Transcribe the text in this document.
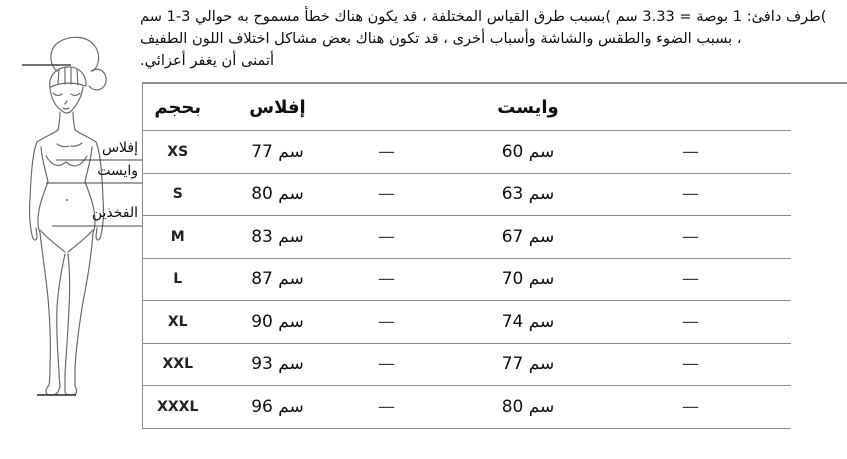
)طرف دافئ: 1 بوصة = 3.33 سم )بسبب طرق القياس المختلفة ، قد يكون هناك خطأ مسموح به حوالي 3-1 سم
، بسبب الضوء والطقس والشاشة وأسباب أخرى ، قد تكون هناك بعض مشاكل اختلاف اللون الطفيف
أتمنى أن يغفر أعزائي.
إفلاس
وايست
الفخذين
بحجم	إفلاس		وايست		
XS	77 سم	—	60 سم	—	
S	80 سم	—	63 سم	—	
M	83 سم	—	67 سم	—	
L	87 سم	—	70 سم	—	
XL	90 سم	—	74 سم	—	
XXL	93 سم	—	77 سم	—	
XXXL	96 سم	—	80 سم	—	
